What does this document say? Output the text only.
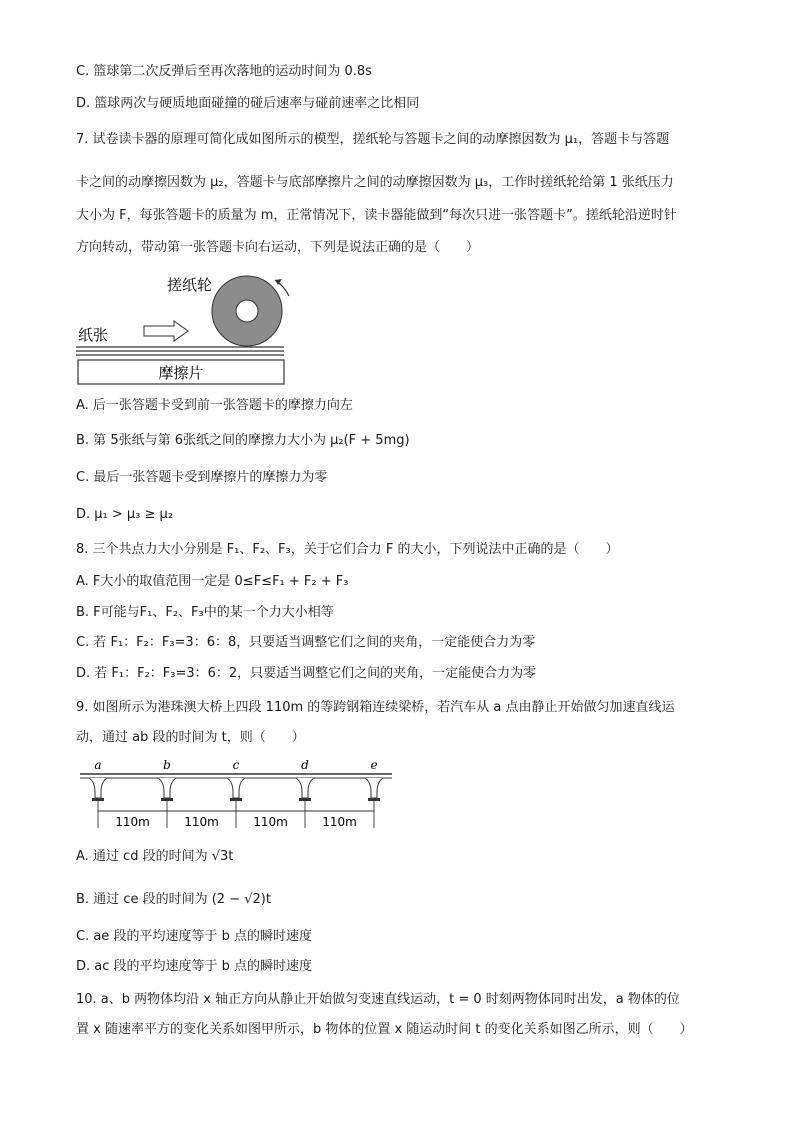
C. 篮球第二次反弹后至再次落地的运动时间为 0.8s
D. 篮球两次与硬质地面碰撞的碰后速率与碰前速率之比相同
7. 试卷读卡器的原理可简化成如图所示的模型，搓纸轮与答题卡之间的动摩擦因数为 μ₁，答题卡与答题
卡之间的动摩擦因数为 μ₂，答题卡与底部摩擦片之间的动摩擦因数为 μ₃，工作时搓纸轮给第 1 张纸压力
大小为 F，每张答题卡的质量为 m，正常情况下，读卡器能做到“每次只进一张答题卡”。搓纸轮沿逆时针
方向转动，带动第一张答题卡向右运动，下列是说法正确的是（　　）
搓纸轮
纸张
摩擦片
A. 后一张答题卡受到前一张答题卡的摩擦力向左
B. 第 5张纸与第 6张纸之间的摩擦力大小为 μ₂(F + 5mg)
C. 最后一张答题卡受到摩擦片的摩擦力为零
D. μ₁ > μ₃ ≥ μ₂
8. 三个共点力大小分别是 F₁、F₂、F₃，关于它们合力 F 的大小，下列说法中正确的是（　　）
A. F大小的取值范围一定是 0≤F≤F₁ + F₂ + F₃
B. F可能与F₁、F₂、F₃中的某一个力大小相等
C. 若 F₁：F₂：F₃=3：6：8，只要适当调整它们之间的夹角，一定能使合力为零
D. 若 F₁：F₂：F₃=3：6：2，只要适当调整它们之间的夹角，一定能使合力为零
9. 如图所示为港珠澳大桥上四段 110m 的等跨钢箱连续梁桥，若汽车从 a 点由静止开始做匀加速直线运
动，通过 ab 段的时间为 t，则（　　）
a	b	c	d	e
110m	110m	110m	110m
A. 通过 cd 段的时间为 √3t
B. 通过 ce 段的时间为 (2 − √2)t
C. ae 段的平均速度等于 b 点的瞬时速度
D. ac 段的平均速度等于 b 点的瞬时速度
10. a、b 两物体均沿 x 轴正方向从静止开始做匀变速直线运动，t = 0 时刻两物体同时出发，a 物体的位
置 x 随速率平方的变化关系如图甲所示，b 物体的位置 x 随运动时间 t 的变化关系如图乙所示，则（　　）
